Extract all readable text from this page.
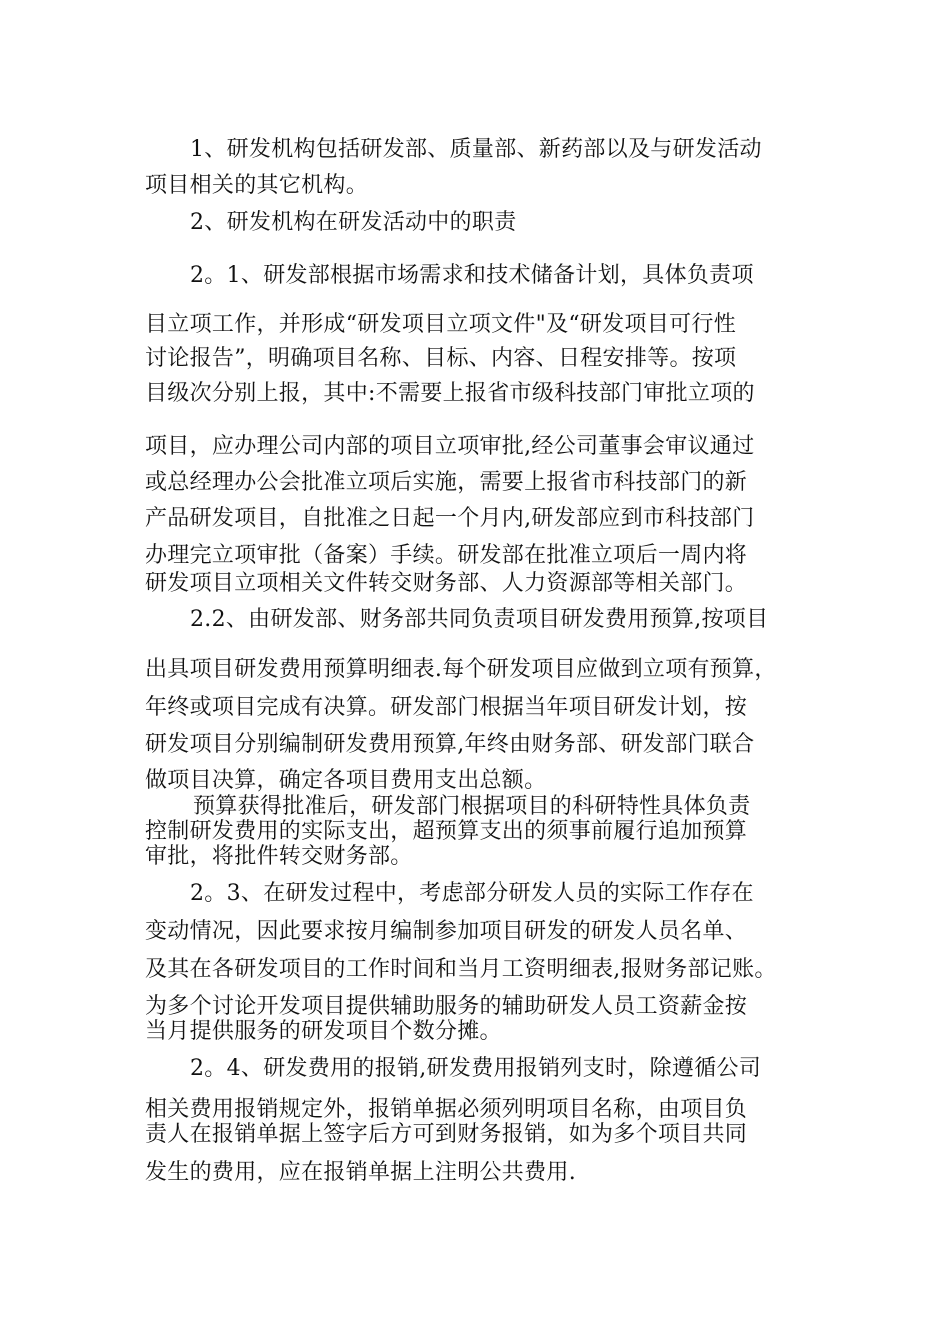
1、研发机构包括研发部、质量部、新药部以及与研发活动
项目相关的其它机构。
2、研发机构在研发活动中的职责
2。1、研发部根据市场需求和技术储备计划，具体负责项
目立项工作，并形成“研发项目立项文件"及“研发项目可行性
讨论报告”，明确项目名称、目标、内容、日程安排等。按项
目级次分别上报，其中:不需要上报省市级科技部门审批立项的
项目，应办理公司内部的项目立项审批,经公司董事会审议通过
或总经理办公会批准立项后实施，需要上报省市科技部门的新
产品研发项目，自批准之日起一个月内,研发部应到市科技部门
办理完立项审批（备案）手续。研发部在批准立项后一周内将
研发项目立项相关文件转交财务部、人力资源部等相关部门。
2.2、由研发部、财务部共同负责项目研发费用预算,按项目
出具项目研发费用预算明细表.每个研发项目应做到立项有预算，
年终或项目完成有决算。研发部门根据当年项目研发计划，按
研发项目分别编制研发费用预算,年终由财务部、研发部门联合
做项目决算，确定各项目费用支出总额。
预算获得批准后，研发部门根据项目的科研特性具体负责
控制研发费用的实际支出，超预算支出的须事前履行追加预算
审批，将批件转交财务部。
2。3、在研发过程中，考虑部分研发人员的实际工作存在
变动情况，因此要求按月编制参加项目研发的研发人员名单、
及其在各研发项目的工作时间和当月工资明细表,报财务部记账。
为多个讨论开发项目提供辅助服务的辅助研发人员工资薪金按
当月提供服务的研发项目个数分摊。
2。4、研发费用的报销,研发费用报销列支时，除遵循公司
相关费用报销规定外，报销单据必须列明项目名称，由项目负
责人在报销单据上签字后方可到财务报销，如为多个项目共同
发生的费用，应在报销单据上注明公共费用.
